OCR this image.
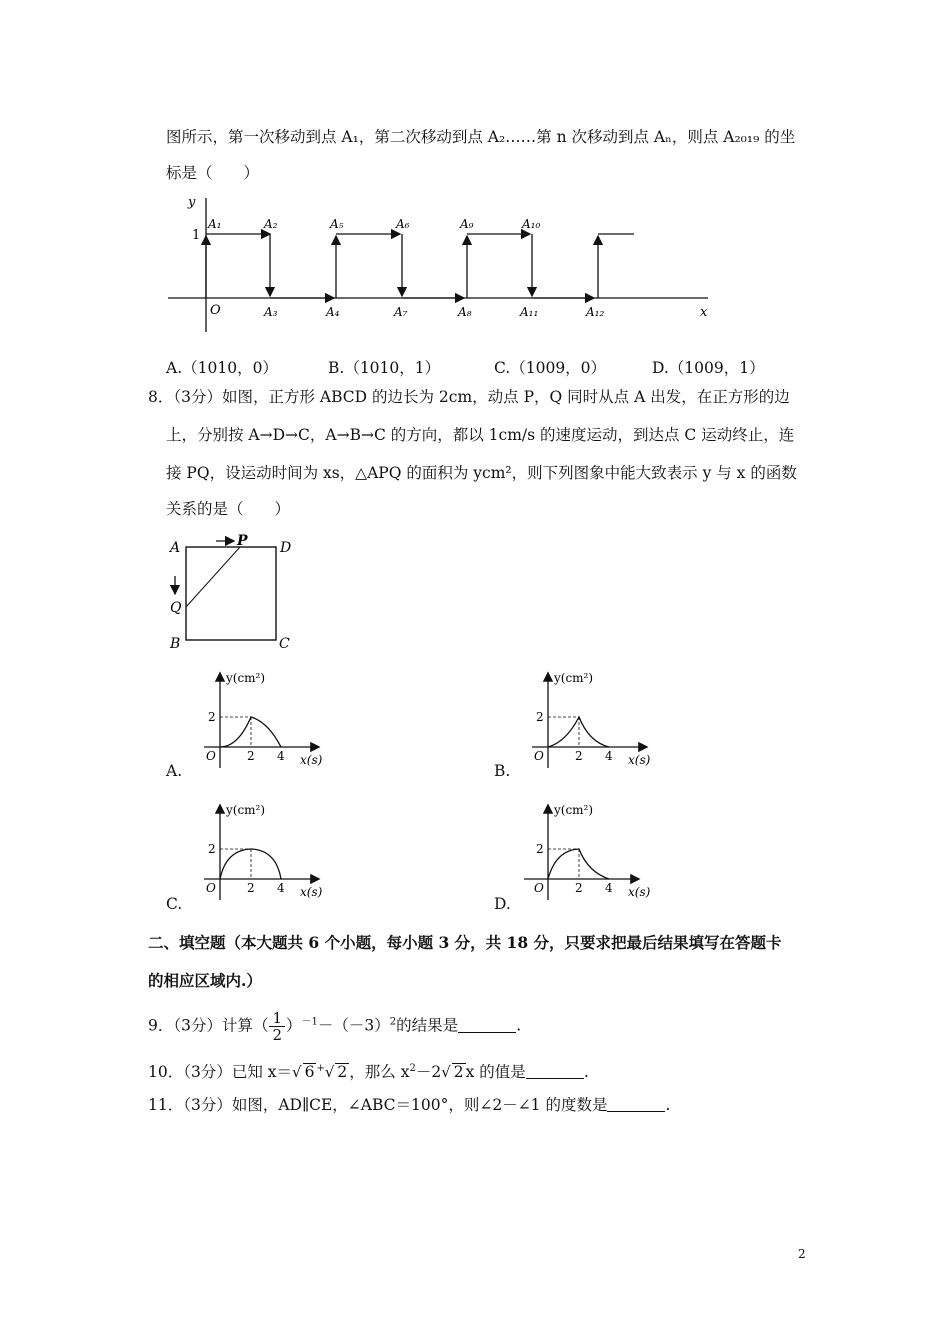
图所示，第一次移动到点 A₁，第二次移动到点 A₂……第 n 次移动到点 Aₙ，则点 A₂₀₁₉ 的坐
标是（　　）
y
x
O
1
A₁	A₂	A₅	A₆	A₉	A₁₀
A₃	A₄	A₇	A₈	A₁₁	A₁₂
A.（1010，0）	B.（1010，1）	C.（1009，0）	D.（1009，1）
8．（3分）如图，正方形 ABCD 的边长为 2cm，动点 P，Q 同时从点 A 出发，在正方形的边
上，分别按 A→D→C，A→B→C 的方向，都以 1cm/s 的速度运动，到达点 C 运动终止，连
接 PQ，设运动时间为 xs，△APQ 的面积为 ycm²，则下列图象中能大致表示 y 与 x 的函数
关系的是（　　）
A	D
B	C
P
Q
y(cm²)
2
O	2 4 x(s)
A.
y(cm²)
2
O	2 4 x(s)
B.
y(cm²)
2
O	2 4 x(s)
C.
y(cm²)
2
O	2 4 x(s)
D.
二、填空题（本大题共 6 个小题，每小题 3 分，共 18 分，只要求把最后结果填写在答题卡
的相应区域内.）
9．（3分）计算（ $\frac{1}{2} )^{-1}-(-3)^2$的结果是	.
10．（3分）已知 x＝√ 6 +√ 2 ，那么 $x^2-2√$ 2 x 的值是	.
11．（3分）如图，AD∥CE，∠ABC＝100°，则∠2－∠1 的度数是	.
2
